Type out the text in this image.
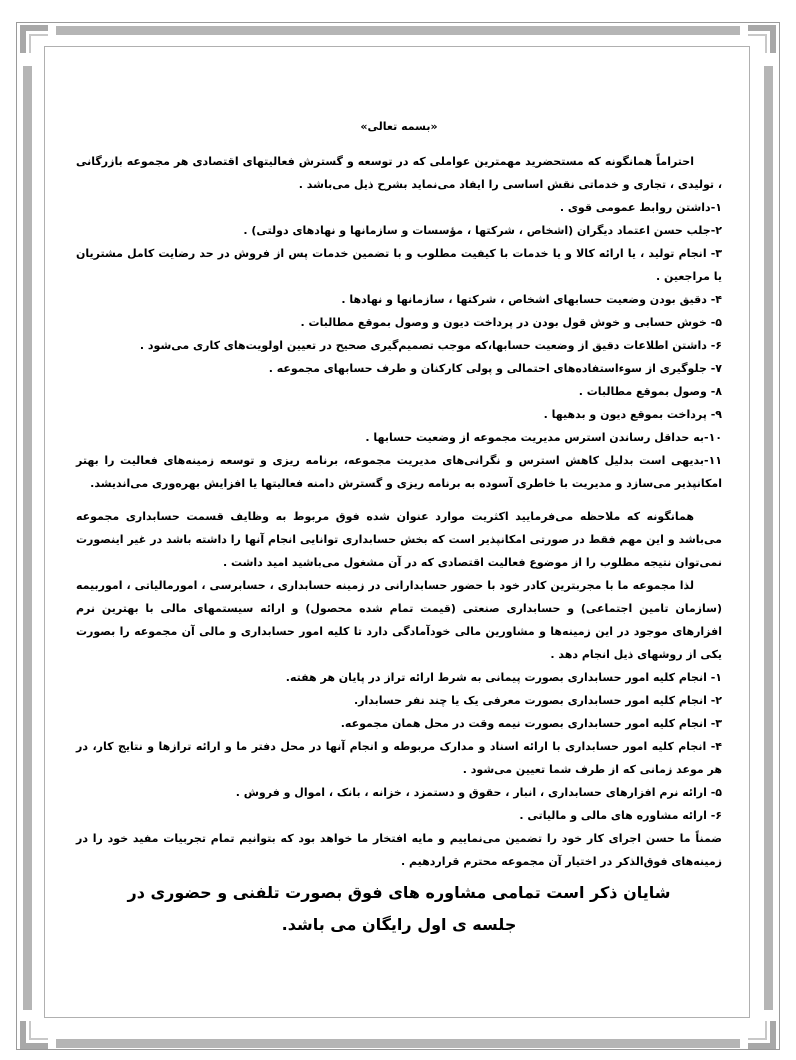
«بسمه تعالی»

احتراماً همانگونه که مستحضرید مهمترین عواملی که در توسعه و گسترش فعالیتهای اقتصادی هر مجموعه بازرگانی ، تولیدی ، تجاری و خدماتی نقش اساسی را ایفاد می‌نماید بشرح ذیل می‌باشد .

۱-داشتن روابط عمومی قوی .

۲-جلب حسن اعتماد دیگران (اشخاص ، شرکتها ، مؤسسات و سازمانها و نهادهای دولتی) .

۳- انجام تولید ، یا ارائه کالا و یا خدمات با کیفیت مطلوب و با تضمین خدمات پس از فروش در حد رضایت کامل مشتریان یا مراجعین .

۴- دقیق بودن وضعیت حسابهای اشخاص ، شرکتها ، سازمانها و نهادها .

۵- خوش حسابی و خوش قول بودن در پرداخت دیون و وصول بموقع مطالبات .

۶- داشتن اطلاعات دقیق از وضعیت حسابها،که موجب تصمیم‌گیری صحیح در تعیین اولویت‌های کاری می‌شود .

۷- جلوگیری از سوءاستفاده‌های احتمالی و پولی کارکنان و طرف حسابهای مجموعه .

۸- وصول بموقع مطالبات .

۹- پرداخت بموقع دیون و بدهیها .

۱۰-به حداقل رساندن استرس مدیریت مجموعه از وضعیت حسابها .

۱۱-بدیهی است بدلیل کاهش استرس و نگرانی‌های مدیریت مجموعه، برنامه ریزی و توسعه زمینه‌های فعالیت را بهتر امکانپذیر می‌سازد و مدیریت با خاطری آسوده به برنامه ریزی و گسترش دامنه فعالیتها یا افزایش بهره‌وری می‌اندیشد.

همانگونه که ملاحظه می‌فرمایید اکثریت موارد عنوان شده فوق مربوط به وظایف قسمت حسابداری مجموعه می‌باشد و این مهم فقط در صورتی امکانپذیر است که بخش حسابداری توانایی انجام آنها را داشته باشد در غیر اینصورت نمی‌توان نتیجه مطلوب را از موضوع فعالیت اقتصادی که در آن مشغول می‌باشید امید داشت .

لذا مجموعه ما با مجربترین کادر خود با حضور حسابدارانی در زمینه حسابداری ، حسابرسی ، امورمالیاتی ، اموربیمه (سازمان تامین اجتماعی) و حسابداری صنعتی (قیمت تمام شده محصول) و ارائه سیستمهای مالی با بهترین نرم افزارهای موجود در این زمینه‌ها و مشاورین مالی خودآمادگی دارد تا کلیه امور حسابداری و مالی آن مجموعه را بصورت یکی از روشهای ذیل انجام دهد .

۱- انجام کلیه امور حسابداری بصورت پیمانی به شرط ارائه تراز در پایان هر هفته.

۲- انجام کلیه امور حسابداری بصورت معرفی یک یا چند نفر حسابدار.

۳- انجام کلیه امور حسابداری بصورت نیمه وقت در محل همان مجموعه.

۴- انجام کلیه امور حسابداری با ارائه اسناد و مدارک مربوطه و انجام آنها در محل دفتر ما و ارائه ترازها و نتایج کار، در هر موعد زمانی که از طرف شما تعیین می‌شود .

۵- ارائه نرم افزارهای حسابداری ، انبار ، حقوق و دستمزد ، خزانه ، بانک ، اموال و فروش .

۶- ارائه مشاوره های مالی و مالیاتی .

ضمناً ما حسن اجرای کار خود را تضمین می‌نماییم و مایه افتخار ما خواهد بود که بتوانیم تمام تجربیات مفید خود را در زمینه‌های فوق‌الذکر در اختیار آن مجموعه محترم قراردهیم .

شایان ذکر است تمامی مشاوره های فوق بصورت تلفنی و حضوری در جلسه ی اول رایگان می باشد.
